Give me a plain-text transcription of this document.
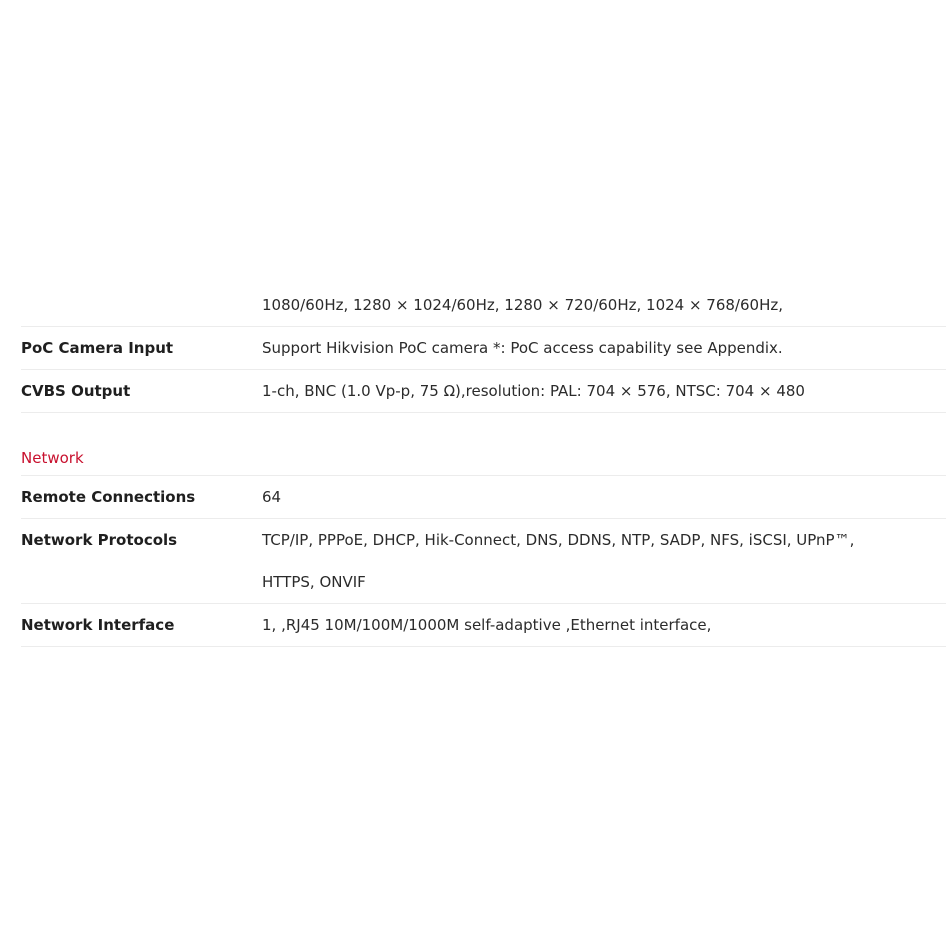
1080/60Hz, 1280 × 1024/60Hz, 1280 × 720/60Hz, 1024 × 768/60Hz,
PoC Camera Input	Support Hikvision PoC camera *: PoC access capability see Appendix.
CVBS Output	1-ch, BNC (1.0 Vp-p, 75 Ω),resolution: PAL: 704 × 576, NTSC: 704 × 480
Network
Remote Connections	64
Network Protocols	TCP/IP, PPPoE, DHCP, Hik-Connect, DNS, DDNS, NTP, SADP, NFS, iSCSI, UPnP™,
HTTPS, ONVIF
Network Interface	1, ,RJ45 10M/100M/1000M self-adaptive ,Ethernet interface,
